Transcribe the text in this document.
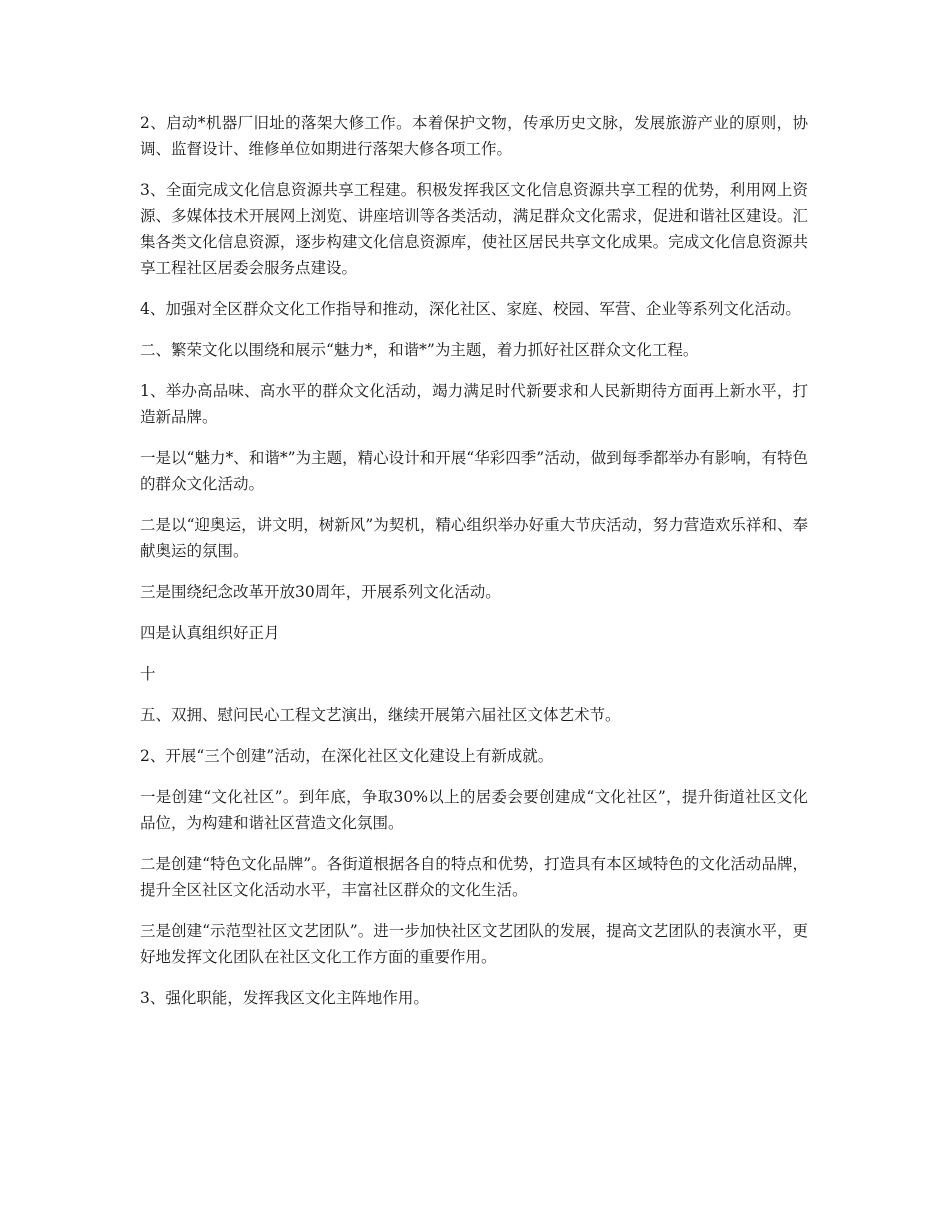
2、启动*机器厂旧址的落架大修工作。本着保护文物，传承历史文脉，发展旅游产业的原则，协调、监督设计、维修单位如期进行落架大修各项工作。

3、全面完成文化信息资源共享工程建。积极发挥我区文化信息资源共享工程的优势，利用网上资源、多媒体技术开展网上浏览、讲座培训等各类活动，满足群众文化需求，促进和谐社区建设。汇集各类文化信息资源，逐步构建文化信息资源库，使社区居民共享文化成果。完成文化信息资源共享工程社区居委会服务点建设。

4、加强对全区群众文化工作指导和推动，深化社区、家庭、校园、军营、企业等系列文化活动。

二、繁荣文化以围绕和展示“魅力*，和谐*”为主题，着力抓好社区群众文化工程。

1、举办高品味、高水平的群众文化活动，竭力满足时代新要求和人民新期待方面再上新水平，打造新品牌。

一是以“魅力*、和谐*”为主题，精心设计和开展“华彩四季”活动，做到每季都举办有影响，有特色的群众文化活动。

二是以“迎奥运，讲文明，树新风”为契机，精心组织举办好重大节庆活动，努力营造欢乐祥和、奉献奥运的氛围。

三是围绕纪念改革开放30周年，开展系列文化活动。

四是认真组织好正月

十

五、双拥、慰问民心工程文艺演出，继续开展第六届社区文体艺术节。

2、开展“三个创建”活动，在深化社区文化建设上有新成就。

一是创建“文化社区”。到年底，争取30%以上的居委会要创建成“文化社区”，提升街道社区文化品位，为构建和谐社区营造文化氛围。

二是创建“特色文化品牌”。各街道根据各自的特点和优势，打造具有本区域特色的文化活动品牌，提升全区社区文化活动水平，丰富社区群众的文化生活。

三是创建“示范型社区文艺团队”。进一步加快社区文艺团队的发展，提高文艺团队的表演水平，更好地发挥文化团队在社区文化工作方面的重要作用。

3、强化职能，发挥我区文化主阵地作用。
